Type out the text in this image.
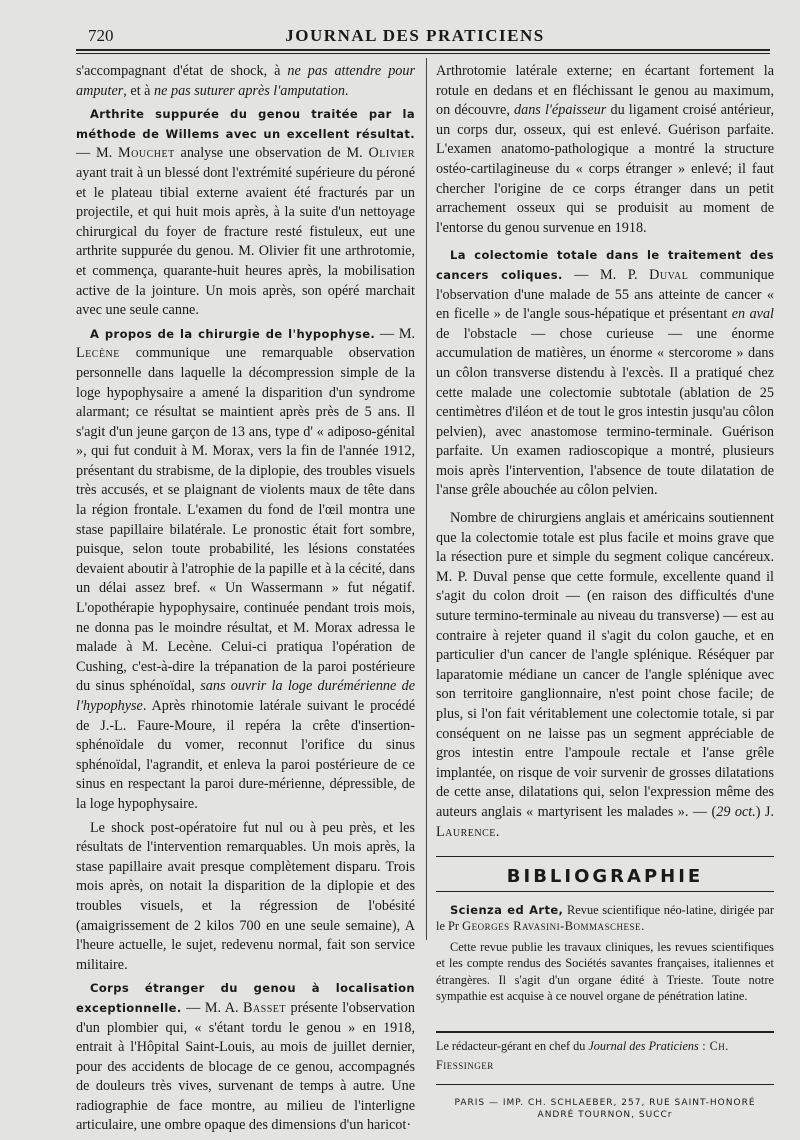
720	JOURNAL DES PRATICIENS

s'accompagnant d'état de shock, à ne pas attendre pour amputer, et à ne pas suturer après l'amputation.

Arthrite suppurée du genou traitée par la méthode de Willems avec un excellent résultat. — M. Mouchet analyse une observation de M. Olivier ayant trait à un blessé dont l'extrémité supérieure du péroné et le plateau tibial externe avaient été fracturés par un projectile, et qui huit mois après, à la suite d'un nettoyage chirurgical du foyer de fracture resté fistuleux, eut une arthrite suppurée du genou. M. Olivier fit une arthrotomie, et commença, quarante-huit heures après, la mobilisation active de la jointure. Un mois après, son opéré marchait avec une seule canne.

A propos de la chirurgie de l'hypophyse. — M. Lecène communique une remarquable observation personnelle dans laquelle la décompression simple de la loge hypophysaire a amené la disparition d'un syndrome alarmant; ce résultat se maintient après près de 5 ans. Il s'agit d'un jeune garçon de 13 ans, type d' « adiposo-génital », qui fut conduit à M. Morax, vers la fin de l'année 1912, présentant du strabisme, de la diplopie, des troubles visuels très accusés, et se plaignant de violents maux de tête dans la région frontale. L'examen du fond de l'œil montra une stase papillaire bilatérale. Le pronostic était fort sombre, puisque, selon toute probabilité, les lésions constatées devaient aboutir à l'atrophie de la papille et à la cécité, dans un délai assez bref. « Un Wassermann » fut négatif. L'opothérapie hypophysaire, continuée pendant trois mois, ne donna pas le moindre résultat, et M. Morax adressa le malade à M. Lecène. Celui-ci pratiqua l'opération de Cushing, c'est-à-dire la trépanation de la paroi postérieure du sinus sphénoïdal, sans ouvrir la loge durémérienne de l'hypophyse. Après rhinotomie latérale suivant le procédé de J.-L. Faure-Moure, il repéra la crête d'insertion-sphénoïdale du vomer, reconnut l'orifice du sinus sphénoïdal, l'agrandit, et enleva la paroi postérieure de ce sinus en respectant la paroi dure-mérienne, dépressible, de la loge hypophysaire.

Le shock post-opératoire fut nul ou à peu près, et les résultats de l'intervention remarquables. Un mois après, la stase papillaire avait presque complètement disparu. Trois mois après, on notait la disparition de la diplopie et des troubles visuels, et la régression de l'obésité (amaigrissement de 2 kilos 700 en une seule semaine), A l'heure actuelle, le sujet, redevenu normal, fait son service militaire.

Corps étranger du genou à localisation exceptionnelle. — M. A. Basset présente l'observation d'un plombier qui, « s'étant tordu le genou » en 1918, entrait à l'Hôpital Saint-Louis, au mois de juillet dernier, pour des accidents de blocage de ce genou, accompagnés de douleurs très vives, survenant de temps à autre. Une radiographie de face montre, au milieu de l'interligne articulaire, une ombre opaque des dimensions d'un haricot·

Arthrotomie latérale externe; en écartant fortement la rotule en dedans et en fléchissant le genou au maximum, on découvre, dans l'épaisseur du ligament croisé antérieur, un corps dur, osseux, qui est enlevé. Guérison parfaite. L'examen anatomo-pathologique a montré la structure ostéo-cartilagineuse du « corps étranger » enlevé; il faut chercher l'origine de ce corps étranger dans un petit arrachement osseux qui se produisit au moment de l'entorse du genou survenue en 1918.

La colectomie totale dans le traitement des cancers coliques. — M. P. Duval communique l'observation d'une malade de 55 ans atteinte de cancer « en ficelle » de l'angle sous-hépatique et présentant en aval de l'obstacle — chose curieuse — une énorme accumulation de matières, un énorme « stercorome » dans un côlon transverse distendu à l'excès. Il a pratiqué chez cette malade une colectomie subtotale (ablation de 25 centimètres d'iléon et de tout le gros intestin jusqu'au côlon pelvien), avec anastomose termino-terminale. Guérison parfaite. Un examen radioscopique a montré, plusieurs mois après l'intervention, l'absence de toute dilatation de l'anse grêle abouchée au côlon pelvien.

Nombre de chirurgiens anglais et américains soutiennent que la colectomie totale est plus facile et moins grave que la résection pure et simple du segment colique cancéreux. M. P. Duval pense que cette formule, excellente quand il s'agit du colon droit — (en raison des difficultés d'une suture termino-terminale au niveau du transverse) — est au contraire à rejeter quand il s'agit du colon gauche, et en particulier d'un cancer de l'angle splénique. Réséquer par laparatomie médiane un cancer de l'angle splénique avec son territoire ganglionnaire, n'est point chose facile; de plus, si l'on fait véritablement une colectomie totale, si par conséquent on ne laisse pas un segment appréciable de gros intestin entre l'ampoule rectale et l'anse grêle implantée, on risque de voir survenir de grosses dilatations de cette anse, dilatations qui, selon l'expression même des auteurs anglais « martyrisent les malades ». — (29 oct.) J. Laurence.

BIBLIOGRAPHIE

Scienza ed Arte, Revue scientifique néo-latine, dirigée par le Pr Georges Ravasini-Bommaschese.

Cette revue publie les travaux cliniques, les revues scientifiques et les compte rendus des Sociétés savantes françaises, italiennes et étrangères. Il s'agit d'un organe édité à Trieste. Toute notre sympathie est acquise à ce nouvel organe de pénétration latine.

Le rédacteur-gérant en chef du Journal des Praticiens : Ch. Fiessinger
PARIS — IMP. CH. SCHLAEBER, 257, RUE SAINT-HONORÉ
ANDRÉ TOURNON, SUCCr
